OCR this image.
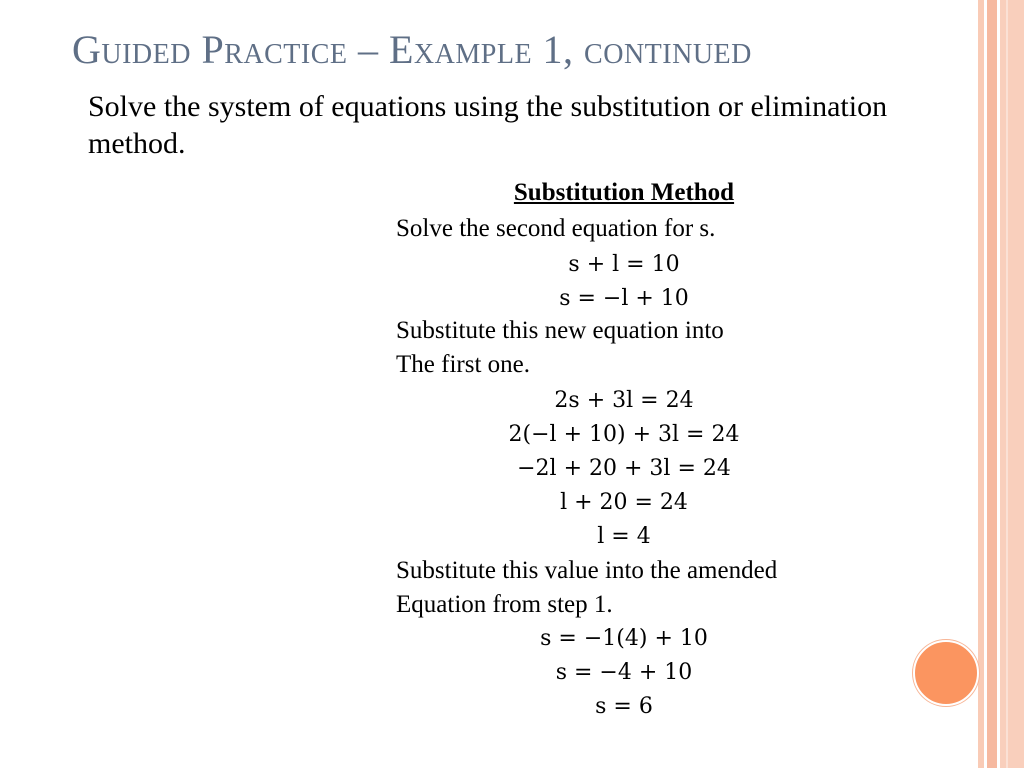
Guided Practice – Example 1, continued
Solve the system of equations using the substitution or elimination method.
Substitution Method
Solve the second equation for s.
s + l = 10
s = −l + 10
Substitute this new equation into
The first one.
2s + 3l = 24
2(−l + 10) + 3l = 24
−2l + 20 + 3l = 24
l + 20 = 24
l = 4
Substitute this value into the amended
Equation from step 1.
s = −1(4) + 10
s = −4 + 10
s = 6
